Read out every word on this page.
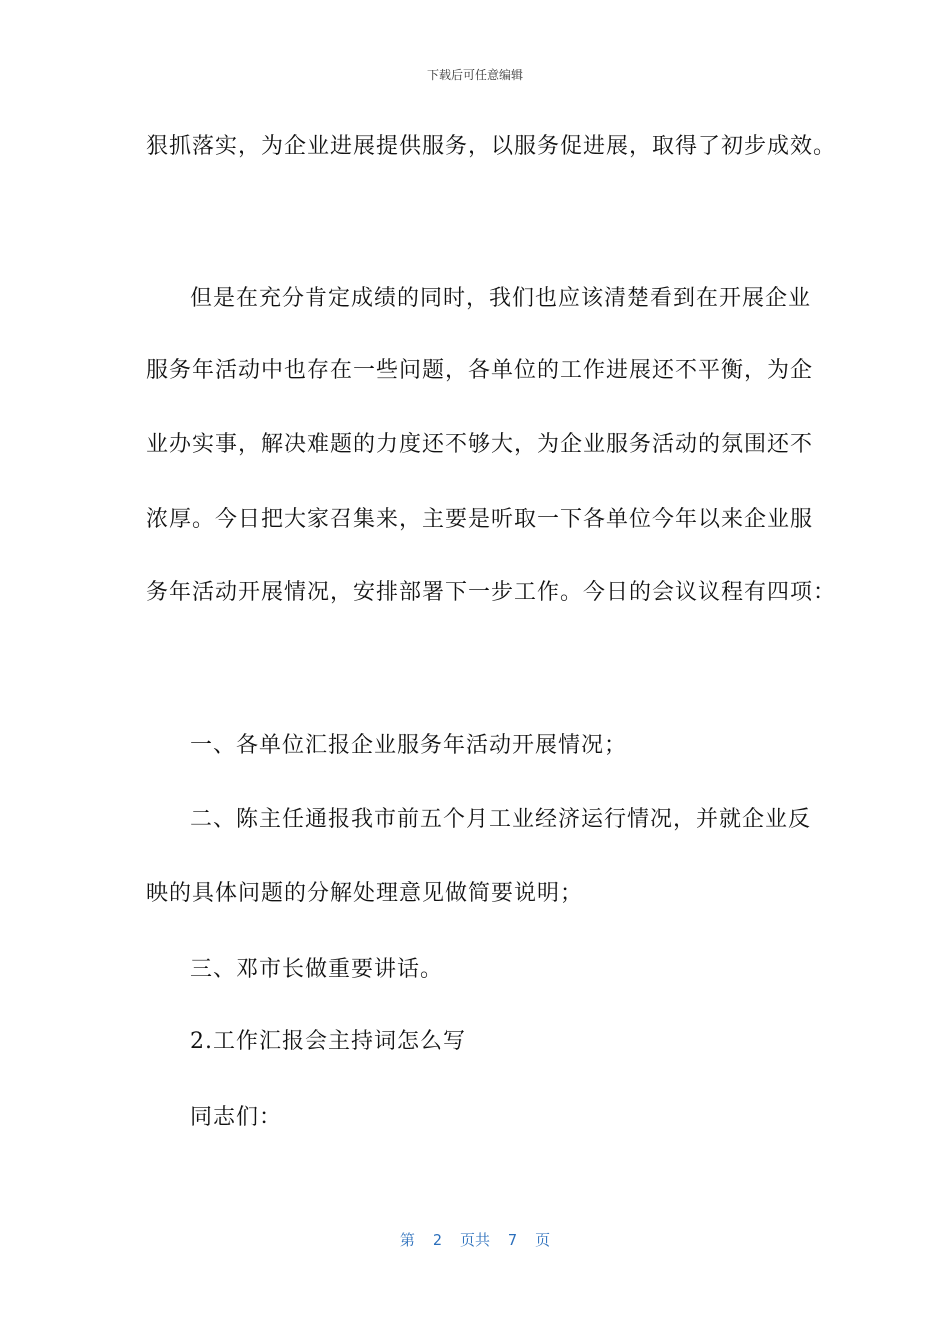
下载后可任意编辑
狠抓落实，为企业进展提供服务，以服务促进展，取得了初步成效。
但是在充分肯定成绩的同时，我们也应该清楚看到在开展企业
服务年活动中也存在一些问题，各单位的工作进展还不平衡，为企
业办实事，解决难题的力度还不够大，为企业服务活动的氛围还不
浓厚。今日把大家召集来，主要是听取一下各单位今年以来企业服
务年活动开展情况，安排部署下一步工作。今日的会议议程有四项：
一、各单位汇报企业服务年活动开展情况；
二、陈主任通报我市前五个月工业经济运行情况，并就企业反
映的具体问题的分解处理意见做简要说明；
三、邓市长做重要讲话。
2.工作汇报会主持词怎么写
同志们：
第  2  页共  7  页
